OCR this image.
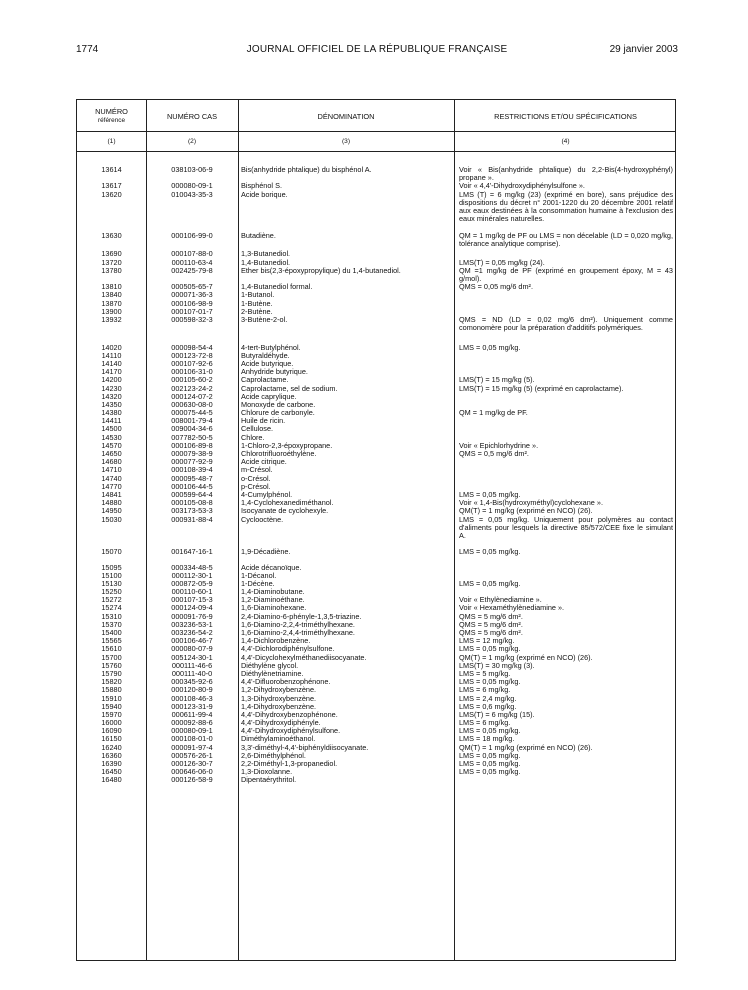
1774	JOURNAL OFFICIEL DE LA RÉPUBLIQUE FRANÇAISE	29 janvier 2003
NUMÉRO
référence	NUMÉRO CAS	DÉNOMINATION	RESTRICTIONS ET/OU SPÉCIFICATIONS
(1)	(2)	(3)	(4)
13614	038103-06-9	Bis(anhydride phtalique) du bisphénol A.	Voir « Bis(anhydride phtalique) du 2,2-Bis(4-hydroxyphényl) propane ».
13617	000080-09-1	Bisphénol S.	Voir « 4,4'-Dihydroxydiphénylsulfone ».
13620	010043-35-3	Acide borique.	LMS (T) = 6 mg/kg (23) (exprimé en bore), sans préjudice des dispositions du décret n° 2001-1220 du 20 décembre 2001 relatif aux eaux destinées à la consommation humaine à l'exclusion des eaux minérales naturelles.
13630	000106-99-0	Butadiène.	QM = 1 mg/kg de PF ou LMS = non décelable (LD = 0,020 mg/kg, tolérance analytique comprise).
13690	000107-88-0	1,3-Butanediol.
13720	000110-63-4	1,4-Butanediol.	LMS(T) = 0,05 mg/kg (24).
13780	002425-79-8	Ether bis(2,3-époxypropylique) du 1,4-butanediol.	QM =1 mg/kg de PF (exprimé en groupement époxy, M = 43 g/mol).
13810	000505-65-7	1,4-Butanediol formal.	QMS = 0,05 mg/6 dm².
13840	000071-36-3	1-Butanol.
13870	000106-98-9	1-Butène.
13900	000107-01-7	2-Butène.
13932	000598-32-3	3-Butène-2-ol.	QMS = ND (LD = 0,02 mg/6 dm²). Uniquement comme comonomère pour la préparation d'additifs polymériques.
14020	000098-54-4	4-tert-Butylphénol.	LMS = 0,05 mg/kg.
14110	000123-72-8	Butyraldéhyde.
14140	000107-92-6	Acide butyrique.
14170	000106-31-0	Anhydride butyrique.
14200	000105-60-2	Caprolactame.	LMS(T) = 15 mg/kg (5).
14230	002123-24-2	Caprolactame, sel de sodium.	LMS(T) = 15 mg/kg (5) (exprimé en caprolactame).
14320	000124-07-2	Acide caprylique.
14350	000630-08-0	Monoxyde de carbone.
14380	000075-44-5	Chlorure de carbonyle.	QM = 1 mg/kg de PF.
14411	008001-79-4	Huile de ricin.
14500	009004-34-6	Cellulose.
14530	007782-50-5	Chlore.
14570	000106-89-8	1-Chloro-2,3-époxypropane.	Voir « Epichlorhydrine ».
14650	000079-38-9	Chlorotrifluoroéthylène.	QMS = 0,5 mg/6 dm².
14680	000077-92-9	Acide citrique.
14710	000108-39-4	m-Crésol.
14740	000095-48-7	o-Crésol.
14770	000106-44-5	p-Crésol.
14841	000599-64-4	4-Cumylphénol.	LMS = 0,05 mg/kg.
14880	000105-08-8	1,4-Cyclohexanediméthanol.	Voir « 1,4-Bis(hydroxyméthyl)cyclohexane ».
14950	003173-53-3	Isocyanate de cyclohexyle.	QM(T) = 1 mg/kg (exprimé en NCO) (26).
15030	000931-88-4	Cyclooctène.	LMS = 0,05 mg/kg. Uniquement pour polymères au contact d'aliments pour lesquels la directive 85/572/CEE fixe le simulant A.
15070	001647-16-1	1,9-Décadiène.	LMS = 0,05 mg/kg.
15095	000334-48-5	Acide décanoïque.
15100	000112-30-1	1-Décanol.
15130	000872-05-9	1-Décène.	LMS = 0,05 mg/kg.
15250	000110-60-1	1,4-Diaminobutane.
15272	000107-15-3	1,2-Diaminoéthane.	Voir « Ethylènediamine ».
15274	000124-09-4	1,6-Diaminohexane.	Voir « Hexaméthylènediamine ».
15310	000091-76-9	2,4-Diamino-6-phényle-1,3,5-triazine.	QMS = 5 mg/6 dm².
15370	003236-53-1	1,6-Diamino-2,2,4-triméthylhexane.	QMS = 5 mg/6 dm².
15400	003236-54-2	1,6-Diamino-2,4,4-triméthylhexane.	QMS = 5 mg/6 dm².
15565	000106-46-7	1,4-Dichlorobenzène.	LMS = 12 mg/kg.
15610	000080-07-9	4,4'-Dichlorodiphénylsulfone.	LMS = 0,05 mg/kg.
15700	005124-30-1	4,4'-Dicyclohexylméthanediisocyanate.	QM(T) = 1 mg/kg (exprimé en NCO) (26).
15760	000111-46-6	Diéthylène glycol.	LMS(T) = 30 mg/kg (3).
15790	000111-40-0	Diéthylènetriamine.	LMS = 5 mg/kg.
15820	000345-92-6	4,4'-Difluorobenzophénone.	LMS = 0,05 mg/kg.
15880	000120-80-9	1,2-Dihydroxybenzène.	LMS = 6 mg/kg.
15910	000108-46-3	1,3-Dihydroxybenzène.	LMS = 2,4 mg/kg.
15940	000123-31-9	1,4-Dihydroxybenzène.	LMS = 0,6 mg/kg.
15970	000611-99-4	4,4'-Dihydroxybenzophénone.	LMS(T) = 6 mg/kg (15).
16000	000092-88-6	4,4'-Dihydroxydiphényle.	LMS = 6 mg/kg.
16090	000080-09-1	4,4'-Dihydroxydiphénylsulfone.	LMS = 0,05 mg/kg.
16150	000108-01-0	Diméthylaminoéthanol.	LMS = 18 mg/kg.
16240	000091-97-4	3,3'-diméthyl-4,4'-biphényldiisocyanate.	QM(T) = 1 mg/kg (exprimé en NCO) (26).
16360	000576-26-1	2,6-Diméthylphénol.	LMS = 0,05 mg/kg.
16390	000126-30-7	2,2-Diméthyl-1,3-propanediol.	LMS = 0,05 mg/kg.
16450	000646-06-0	1,3-Dioxolanne.	LMS = 0,05 mg/kg.
16480	000126-58-9	Dipentaérythritol.
